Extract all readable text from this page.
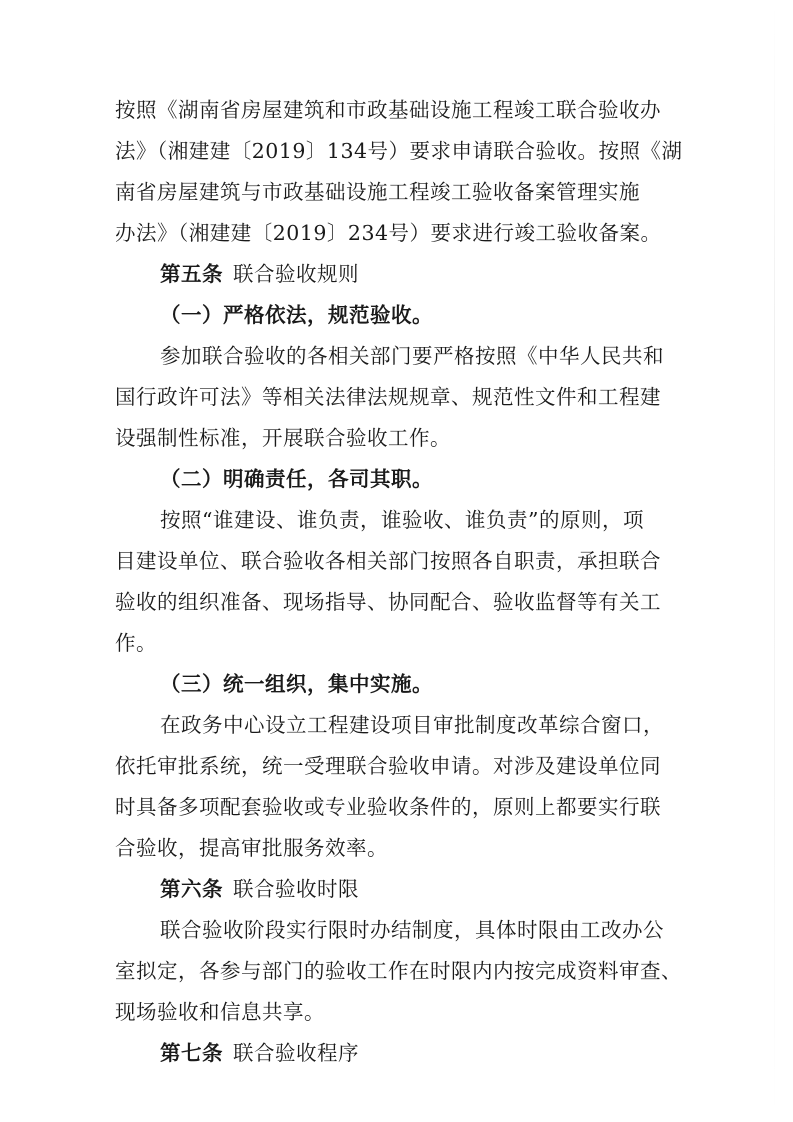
按照《湖南省房屋建筑和市政基础设施工程竣工联合验收办
法》（湘建建〔2019〕134号）要求申请联合验收。按照《湖
南省房屋建筑与市政基础设施工程竣工验收备案管理实施
办法》（湘建建〔2019〕234号）要求进行竣工验收备案。
第五条 联合验收规则
（一）严格依法，规范验收。
参加联合验收的各相关部门要严格按照《中华人民共和
国行政许可法》等相关法律法规规章、规范性文件和工程建
设强制性标准，开展联合验收工作。
（二）明确责任，各司其职。
按照“谁建设、谁负责，谁验收、谁负责”的原则，项
目建设单位、联合验收各相关部门按照各自职责，承担联合
验收的组织准备、现场指导、协同配合、验收监督等有关工
作。
（三）统一组织，集中实施。
在政务中心设立工程建设项目审批制度改革综合窗口，
依托审批系统，统一受理联合验收申请。对涉及建设单位同
时具备多项配套验收或专业验收条件的，原则上都要实行联
合验收，提高审批服务效率。
第六条 联合验收时限
联合验收阶段实行限时办结制度，具体时限由工改办公
室拟定，各参与部门的验收工作在时限内内按完成资料审查、
现场验收和信息共享。
第七条 联合验收程序
